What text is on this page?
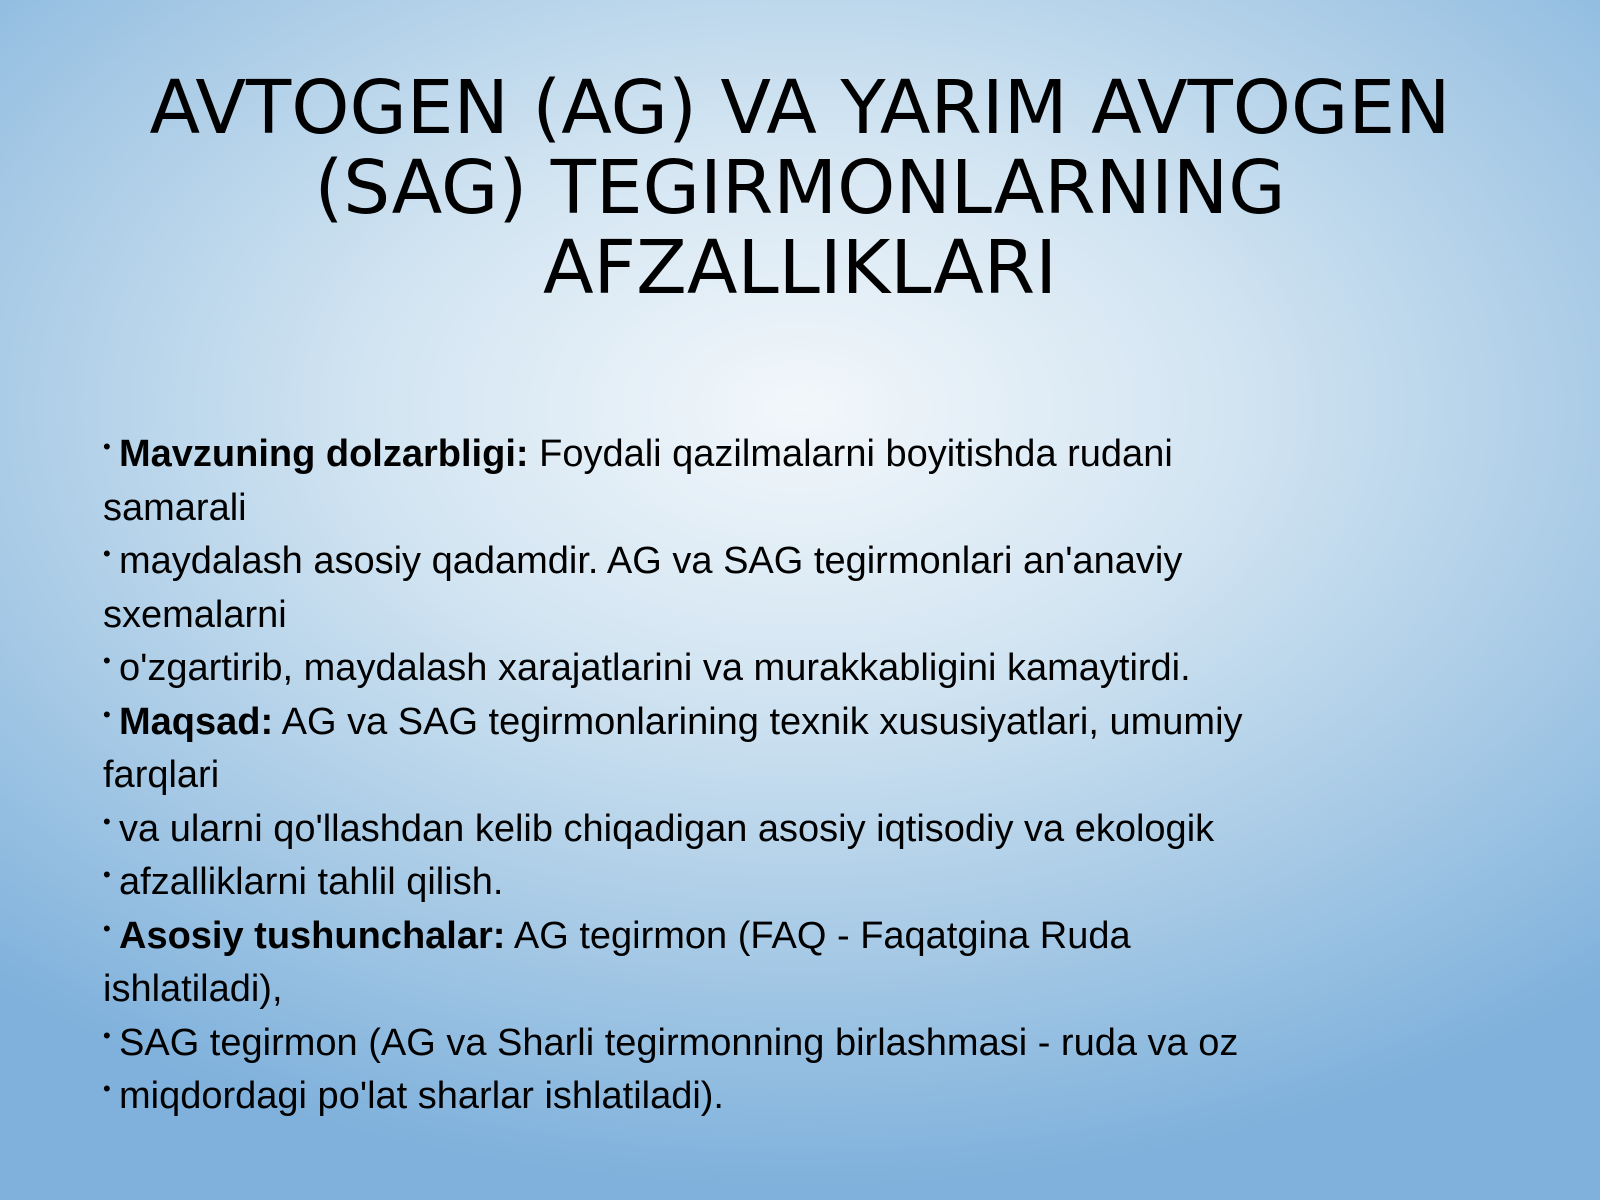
AVTOGEN (AG) VA YARIM AVTOGEN
(SAG) TEGIRMONLARNING
AFZALLIKLARI
• Mavzuning dolzarbligi: Foydali qazilmalarni boyitishda rudani
samarali
• maydalash asosiy qadamdir. AG va SAG tegirmonlari an'anaviy
sxemalarni
• o'zgartirib, maydalash xarajatlarini va murakkabligini kamaytirdi.
• Maqsad: AG va SAG tegirmonlarining texnik xususiyatlari, umumiy
farqlari
• va ularni qo'llashdan kelib chiqadigan asosiy iqtisodiy va ekologik
• afzalliklarni tahlil qilish.
• Asosiy tushunchalar: AG tegirmon (FAQ - Faqatgina Ruda
ishlatiladi),
• SAG tegirmon (AG va Sharli tegirmonning birlashmasi - ruda va oz
• miqdordagi po'lat sharlar ishlatiladi).
